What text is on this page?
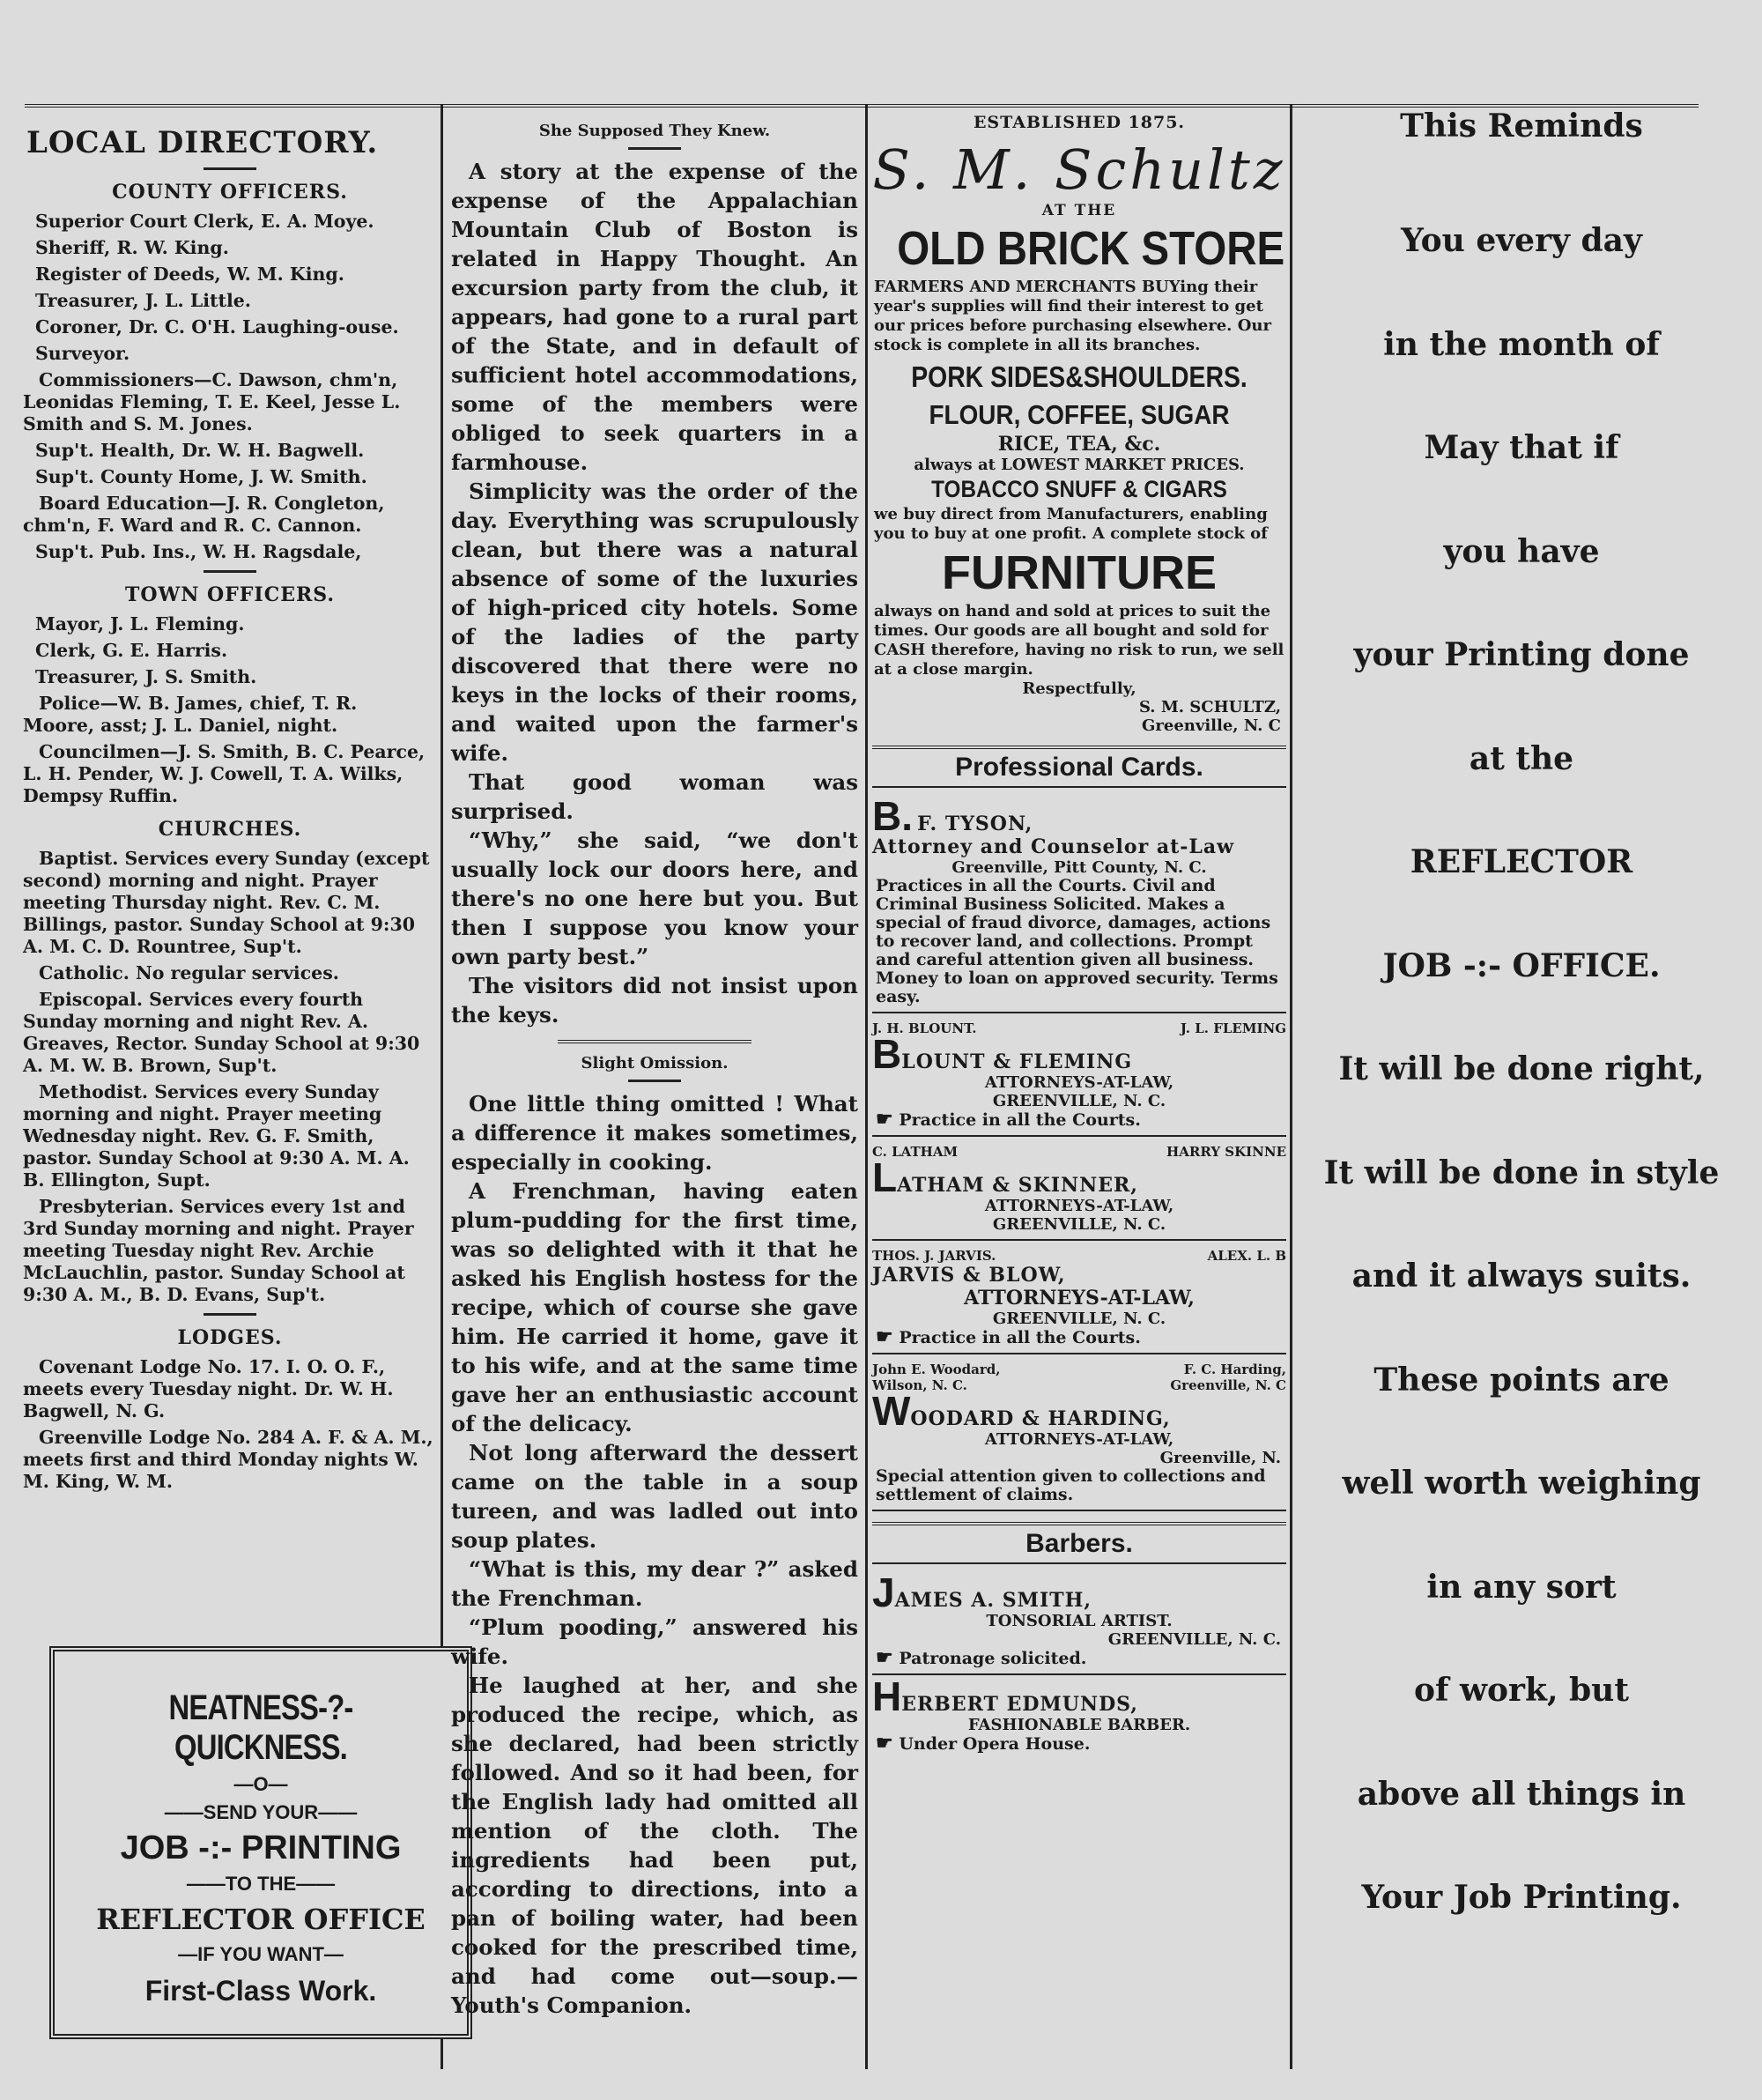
LOCAL DIRECTORY.
COUNTY OFFICERS.
Superior Court Clerk, E. A. Moye.
Sheriff, R. W. King.
Register of Deeds, W. M. King.
Treasurer, J. L. Little.
Coroner, Dr. C. O'H. Laughing-ouse.
Surveyor.
Commissioners—C. Dawson, chm'n, Leonidas Fleming, T. E. Keel, Jesse L. Smith and S. M. Jones.
Sup't. Health, Dr. W. H. Bagwell.
Sup't. County Home, J. W. Smith.
Board Education—J. R. Congleton, chm'n, F. Ward and R. C. Cannon.
Sup't. Pub. Ins., W. H. Ragsdale,
TOWN OFFICERS.
Mayor, J. L. Fleming.
Clerk, G. E. Harris.
Treasurer, J. S. Smith.
Police—W. B. James, chief, T. R. Moore, asst; J. L. Daniel, night.
Councilmen—J. S. Smith, B. C. Pearce, L. H. Pender, W. J. Cowell, T. A. Wilks, Dempsy Ruffin.
CHURCHES.
Baptist. Services every Sunday (except second) morning and night. Prayer meeting Thursday night. Rev. C. M. Billings, pastor. Sunday School at 9:30 A. M. C. D. Rountree, Sup't.
Catholic. No regular services.
Episcopal. Services every fourth Sunday morning and night Rev. A. Greaves, Rector. Sunday School at 9:30 A. M. W. B. Brown, Sup't.
Methodist. Services every Sunday morning and night. Prayer meeting Wednesday night. Rev. G. F. Smith, pastor. Sunday School at 9:30 A. M. A. B. Ellington, Supt.
Presbyterian. Services every 1st and 3rd Sunday morning and night. Prayer meeting Tuesday night Rev. Archie McLauchlin, pastor. Sunday School at 9:30 A. M., B. D. Evans, Sup't.
LODGES.
Covenant Lodge No. 17. I. O. O. F., meets every Tuesday night. Dr. W. H. Bagwell, N. G.
Greenville Lodge No. 284 A. F. & A. M., meets first and third Monday nights W. M. King, W. M.
NEATNESS-?-QUICKNESS.
—O—
——SEND YOUR——
JOB -:- PRINTING
——TO THE——
REFLECTOR OFFICE
—IF YOU WANT—
First-Class Work.
She Supposed They Knew.

A story at the expense of the expense of the Appalachian Mountain Club of Boston is related in Happy Thought. An excursion party from the club, it appears, had gone to a rural part of the State, and in default of sufficient hotel accommodations, some of the members were obliged to seek quarters in a farmhouse.

Simplicity was the order of the day. Everything was scrupulously clean, but there was a natural absence of some of the luxuries of high-priced city hotels. Some of the ladies of the party discovered that there were no keys in the locks of their rooms, and waited upon the farmer's wife.

That good woman was surprised.

“Why,” she said, “we don't usually lock our doors here, and there's no one here but you. But then I suppose you know your own party best.”

The visitors did not insist upon the keys.

Slight Omission.

One little thing omitted ! What a difference it makes sometimes, especially in cooking.

A Frenchman, having eaten plum-pudding for the first time, was so delighted with it that he asked his English hostess for the recipe, which of course she gave him. He carried it home, gave it to his wife, and at the same time gave her an enthusiastic account of the delicacy.

Not long afterward the dessert came on the table in a soup tureen, and was ladled out into soup plates.

“What is this, my dear ?” asked the Frenchman.

“Plum pooding,” answered his wife.

He laughed at her, and she produced the recipe, which, as she declared, had been strictly followed. And so it had been, for the English lady had omitted all mention of the cloth. The ingredients had been put, according to directions, into a pan of boiling water, had been cooked for the prescribed time, and had come out—soup.—Youth's Companion.

ESTABLISHED 1875.
S. M. Schultz
AT THE
OLD BRICK STORE
FARMERS AND MERCHANTS BUYing their year's supplies will find their interest to get our prices before purchasing elsewhere. Our stock is complete in all its branches.
PORK SIDES&SHOULDERS.
FLOUR, COFFEE, SUGAR
RICE, TEA, &c.
always at LOWEST MARKET PRICES.
TOBACCO SNUFF & CIGARS
we buy direct from Manufacturers, enabling you to buy at one profit. A complete stock of
FURNITURE
always on hand and sold at prices to suit the times. Our goods are all bought and sold for CASH therefore, having no risk to run, we sell at a close margin.
Respectfully,
S. M. SCHULTZ,
Greenville, N. C
Professional Cards.
B. F. TYSON,
Attorney and Counselor at-Law
Greenville, Pitt County, N. C.
Practices in all the Courts. Civil and Criminal Business Solicited. Makes a special of fraud divorce, damages, actions to recover land, and collections. Prompt and careful attention given all business. Money to loan on approved security. Terms easy.
J. H. BLOUNT.	J. L. FLEMING
BLOUNT & FLEMING
ATTORNEYS-AT-LAW,
GREENVILLE, N. C.
☛ Practice in all the Courts.
C. LATHAM	HARRY SKINNE
LATHAM & SKINNER,
ATTORNEYS-AT-LAW,
GREENVILLE, N. C.
THOS. J. JARVIS.	ALEX. L. B
JARVIS & BLOW,
ATTORNEYS-AT-LAW,
GREENVILLE, N. C.
☛ Practice in all the Courts.
John E. Woodard,	F. C. Harding,
Wilson, N. C.	Greenville, N. C
WOODARD & HARDING,
ATTORNEYS-AT-LAW,
Greenville, N.
Special attention given to collections and settlement of claims.
Barbers.
JAMES A. SMITH,
TONSORIAL ARTIST.
GREENVILLE, N. C.
☛ Patronage solicited.
HERBERT EDMUNDS,
FASHIONABLE BARBER.
☛ Under Opera House.
This Reminds
You every day
in the month of
May that if
you have
your Printing done
at the
REFLECTOR
JOB -:- OFFICE.
It will be done right,
It will be done in style
and it always suits.
These points are
well worth weighing
in any sort
of work, but
above all things in
Your Job Printing.
